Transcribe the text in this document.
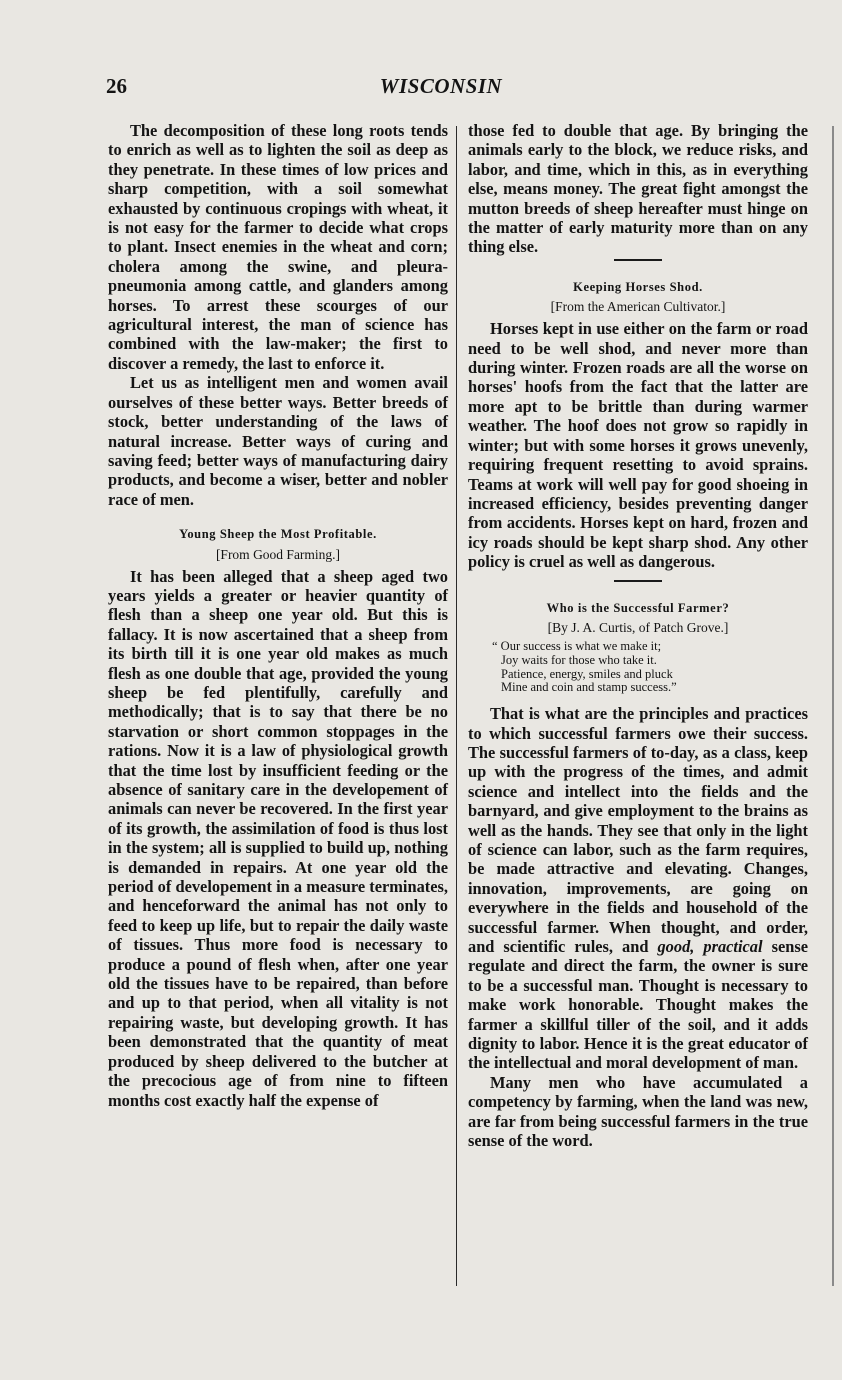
26	WISCONSIN

The decomposition of these long roots tends to enrich as well as to lighten the soil as deep as they penetrate. In these times of low prices and sharp competition, with a soil somewhat exhausted by continuous cropings with wheat, it is not easy for the farmer to decide what crops to plant. Insect enemies in the wheat and corn; cholera among the swine, and pleura-pneumonia among cattle, and glanders among horses. To arrest these scourges of our agricultural interest, the man of science has combined with the law-maker; the first to discover a remedy, the last to enforce it.

Let us as intelligent men and women avail ourselves of these better ways. Better breeds of stock, better understanding of the laws of natural increase. Better ways of curing and saving feed; better ways of manufacturing dairy products, and become a wiser, better and nobler race of men.

Young Sheep the Most Profitable.
[From Good Farming.]

It has been alleged that a sheep aged two years yields a greater or heavier quantity of flesh than a sheep one year old. But this is fallacy. It is now ascertained that a sheep from its birth till it is one year old makes as much flesh as one double that age, provided the young sheep be fed plentifully, carefully and methodically; that is to say that there be no starvation or short common stoppages in the rations. Now it is a law of physiological growth that the time lost by insufficient feeding or the absence of sanitary care in the developement of animals can never be recovered. In the first year of its growth, the assimilation of food is thus lost in the system; all is supplied to build up, nothing is demanded in repairs. At one year old the period of developement in a measure terminates, and henceforward the animal has not only to feed to keep up life, but to repair the daily waste of tissues. Thus more food is necessary to produce a pound of flesh when, after one year old the tissues have to be repaired, than before and up to that period, when all vitality is not repairing waste, but developing growth. It has been demonstrated that the quantity of meat produced by sheep delivered to the butcher at the precocious age of from nine to fifteen months cost exactly half the expense of

those fed to double that age. By bringing the animals early to the block, we reduce risks, and labor, and time, which in this, as in everything else, means money. The great fight amongst the mutton breeds of sheep hereafter must hinge on the matter of early maturity more than on any thing else.

Keeping Horses Shod.
[From the American Cultivator.]

Horses kept in use either on the farm or road need to be well shod, and never more than during winter. Frozen roads are all the worse on horses' hoofs from the fact that the latter are more apt to be brittle than during warmer weather. The hoof does not grow so rapidly in winter; but with some horses it grows unevenly, requiring frequent resetting to avoid sprains. Teams at work will well pay for good shoeing in increased efficiency, besides preventing danger from accidents. Horses kept on hard, frozen and icy roads should be kept sharp shod. Any other policy is cruel as well as dangerous.

Who is the Successful Farmer?
[By J. A. Curtis, of Patch Grove.]
“ Our success is what we make it;
Joy waits for those who take it.
Patience, energy, smiles and pluck
Mine and coin and stamp success.”

That is what are the principles and practices to which successful farmers owe their success. The successful farmers of to-day, as a class, keep up with the progress of the times, and admit science and intellect into the fields and the barnyard, and give employment to the brains as well as the hands. They see that only in the light of science can labor, such as the farm requires, be made attractive and elevating. Changes, innovation, improvements, are going on everywhere in the fields and household of the successful farmer. When thought, and order, and scientific rules, and good, practical sense regulate and direct the farm, the owner is sure to be a successful man. Thought is necessary to make work honorable. Thought makes the farmer a skillful tiller of the soil, and it adds dignity to labor. Hence it is the great educator of the intellectual and moral development of man.

Many men who have accumulated a competency by farming, when the land was new, are far from being successful farmers in the true sense of the word.
